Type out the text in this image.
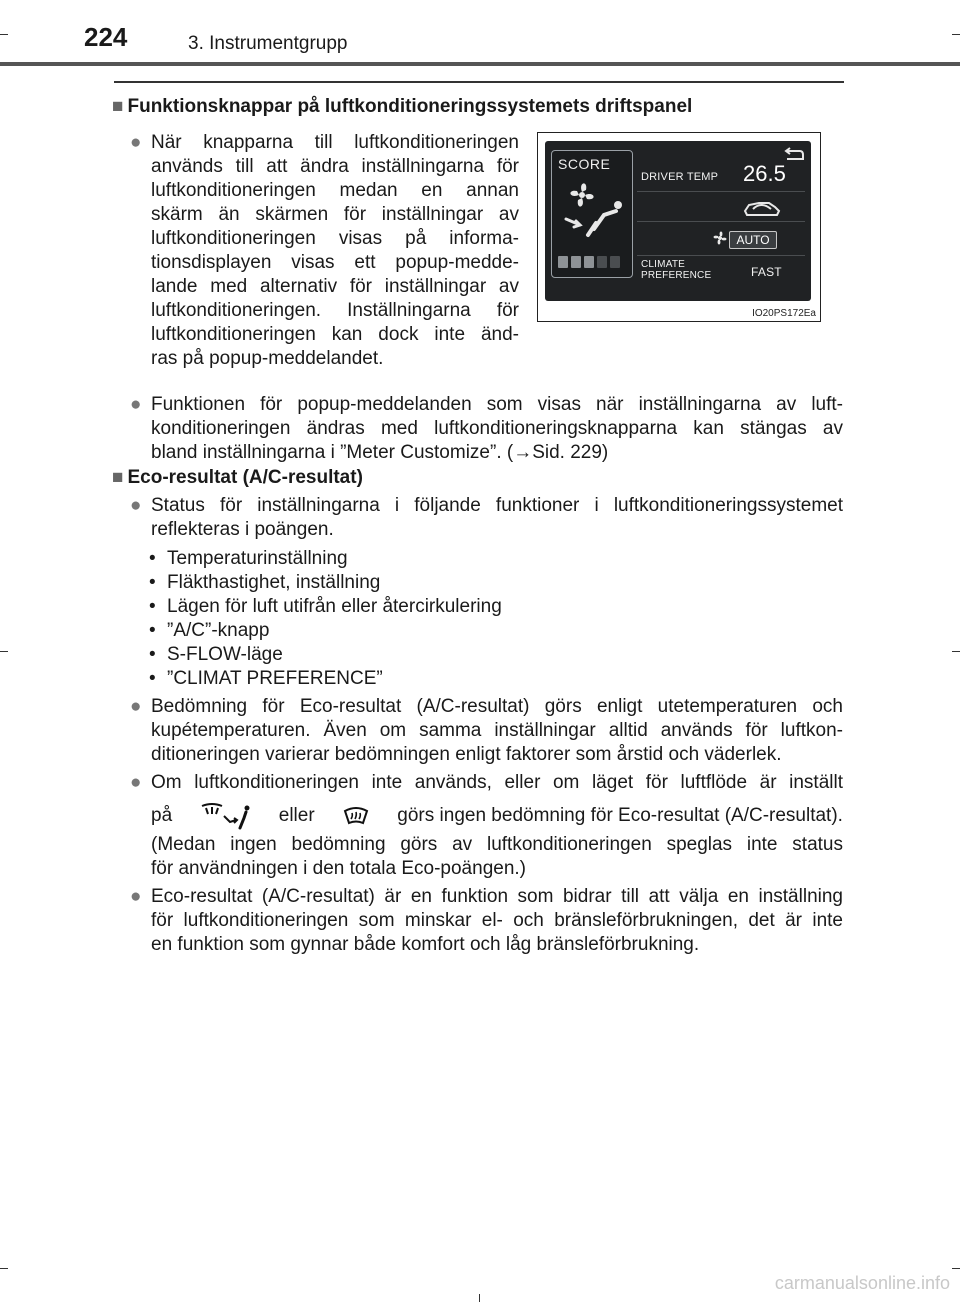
224	3. Instrumentgrupp
■ Funktionsknappar på luftkonditioneringssystemets driftspanel
● När knapparna till luftkonditioneringen
används till att ändra inställningarna för
luftkonditioneringen medan en annan
skärm än skärmen för inställningar av
luftkonditioneringen visas på informa-
tionsdisplayen visas ett popup-medde-
lande med alternativ för inställningar av
luftkonditioneringen. Inställningarna för
luftkonditioneringen kan dock inte änd-
ras på popup-meddelandet.
SCORE
DRIVER TEMP 26.5
AUTO
CLIMATE
PREFERENCE	FAST
IO20PS172Ea
● Funktionen för popup-meddelanden som visas när inställningarna av luft-
konditioneringen ändras med luftkonditioneringsknapparna kan stängas av
bland inställningarna i ”Meter Customize”. (→Sid. 229)
■ Eco-resultat (A/C-resultat)
● Status för inställningarna i följande funktioner i luftkonditioneringssystemet
reflekteras i poängen.
• Temperaturinställning
• Fläkthastighet, inställning
• Lägen för luft utifrån eller återcirkulering
• ”A/C”-knapp
• S-FLOW-läge
• ”CLIMAT PREFERENCE”
● Bedömning för Eco-resultat (A/C-resultat) görs enligt utetemperaturen och
kupétemperaturen. Även om samma inställningar alltid används för luftkon-
ditioneringen varierar bedömningen enligt faktorer som årstid och väderlek.
● Om luftkonditioneringen inte används, eller om läget för luftflöde är inställt
på	eller	görs ingen bedömning för Eco-resultat (A/C-resultat).
(Medan ingen bedömning görs av luftkonditioneringen speglas inte status
för användningen i den totala Eco-poängen.)
● Eco-resultat (A/C-resultat) är en funktion som bidrar till att välja en inställning
för luftkonditioneringen som minskar el- och bränsleförbrukningen, det är inte
en funktion som gynnar både komfort och låg bränsleförbrukning.
carmanualsonline.info
